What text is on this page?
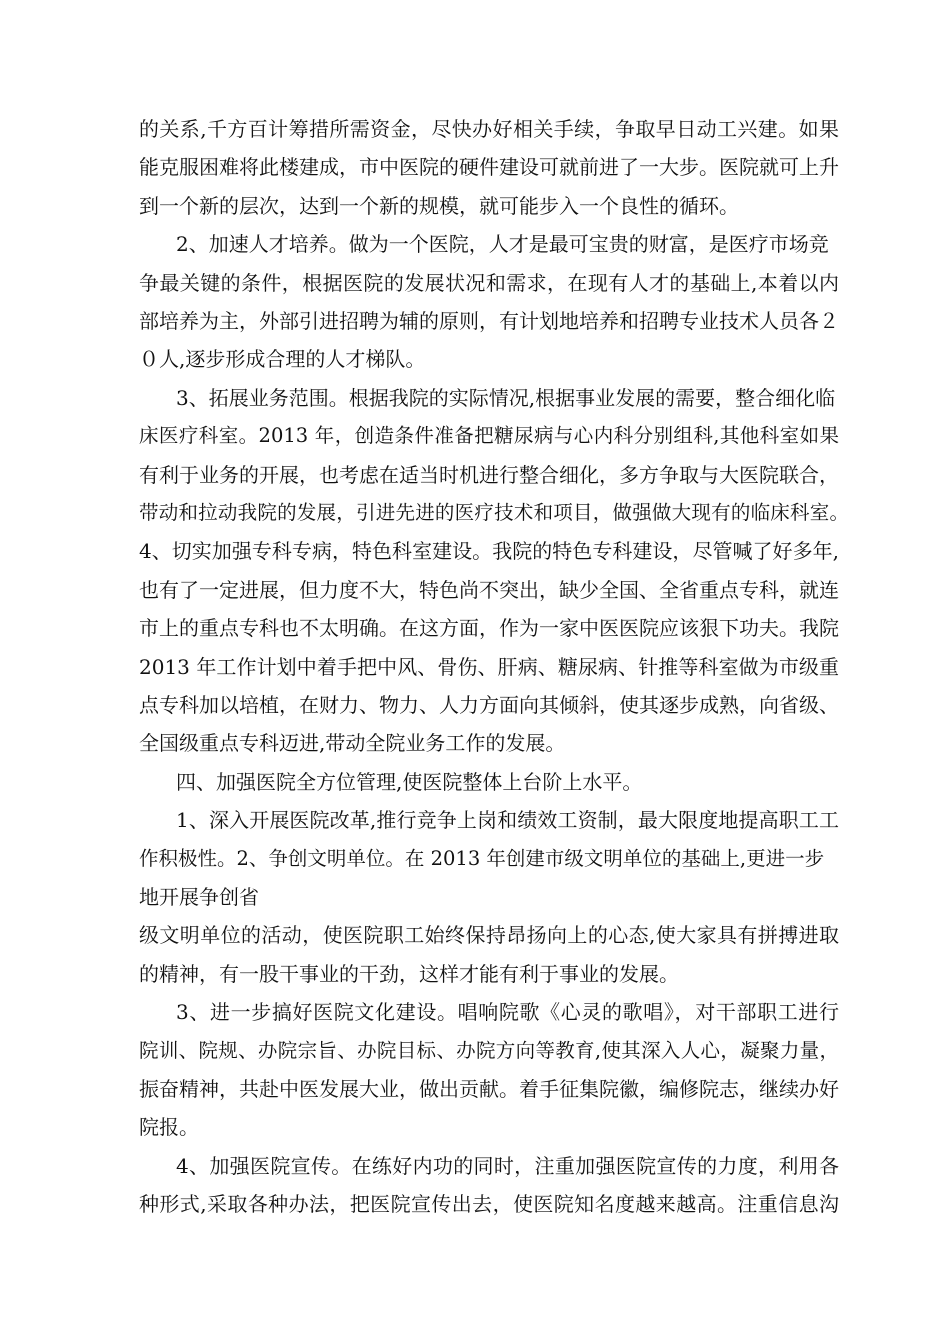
的关系,千方百计筹措所需资金，尽快办好相关手续，争取早日动工兴建。如果
能克服困难将此楼建成，市中医院的硬件建设可就前进了一大步。医院就可上升
到一个新的层次，达到一个新的规模，就可能步入一个良性的循环。
2、加速人才培养。做为一个医院，人才是最可宝贵的财富，是医疗市场竞
争最关键的条件，根据医院的发展状况和需求，在现有人才的基础上,本着以内
部培养为主，外部引进招聘为辅的原则，有计划地培养和招聘专业技术人员各２
０人,逐步形成合理的人才梯队。
3、拓展业务范围。根据我院的实际情况,根据事业发展的需要，整合细化临
床医疗科室。2013 年，创造条件准备把糖尿病与心内科分别组科,其他科室如果
有利于业务的开展，也考虑在适当时机进行整合细化，多方争取与大医院联合，
带动和拉动我院的发展，引进先进的医疗技术和项目，做强做大现有的临床科室。
4、切实加强专科专病，特色科室建设。我院的特色专科建设，尽管喊了好多年,
也有了一定进展，但力度不大，特色尚不突出，缺少全国、全省重点专科，就连
市上的重点专科也不太明确。在这方面，作为一家中医医院应该狠下功夫。我院
2013 年工作计划中着手把中风、骨伤、肝病、糖尿病、针推等科室做为市级重
点专科加以培植，在财力、物力、人力方面向其倾斜，使其逐步成熟，向省级、
全国级重点专科迈进,带动全院业务工作的发展。
四、加强医院全方位管理,使医院整体上台阶上水平。
1、深入开展医院改革,推行竞争上岗和绩效工资制，最大限度地提高职工工
作积极性。2、争创文明单位。在 2013 年创建市级文明单位的基础上,更进一步
地开展争创省
级文明单位的活动，使医院职工始终保持昂扬向上的心态,使大家具有拼搏进取
的精神，有一股干事业的干劲，这样才能有利于事业的发展。
3、进一步搞好医院文化建设。唱响院歌《心灵的歌唱》，对干部职工进行
院训、院规、办院宗旨、办院目标、办院方向等教育,使其深入人心，凝聚力量，
振奋精神，共赴中医发展大业，做出贡献。着手征集院徽，编修院志，继续办好
院报。
4、加强医院宣传。在练好内功的同时，注重加强医院宣传的力度，利用各
种形式,采取各种办法，把医院宣传出去，使医院知名度越来越高。注重信息沟
